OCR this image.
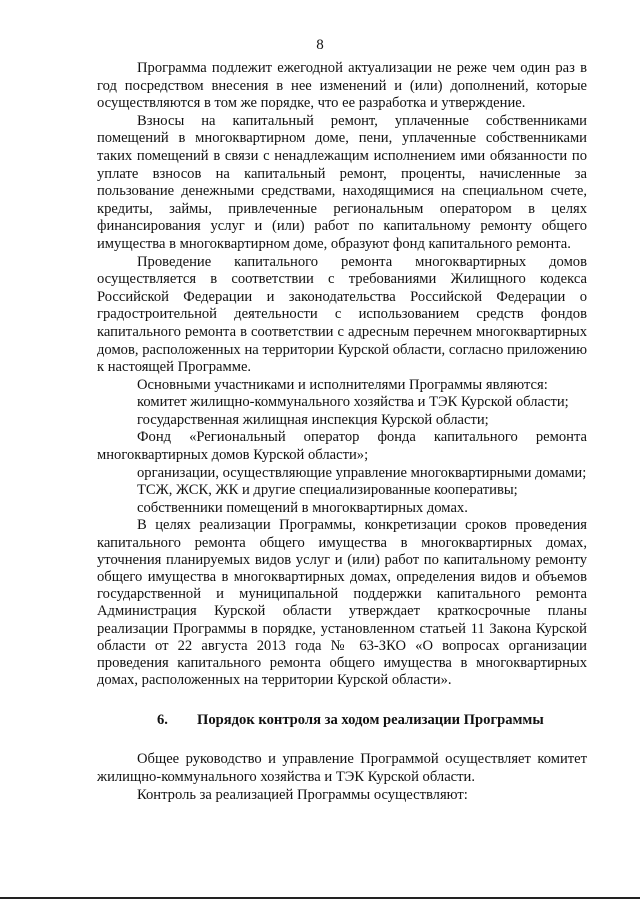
8

Программа подлежит ежегодной актуализации не реже чем один раз в год посредством внесения в нее изменений и (или) дополнений, которые осуществляются в том же порядке, что ее разработка и утверждение.

Взносы на капитальный ремонт, уплаченные собственниками помещений в многоквартирном доме, пени, уплаченные собственниками таких помещений в связи с ненадлежащим исполнением ими обязанности по уплате взносов на капитальный ремонт, проценты, начисленные за пользование денежными средствами, находящимися на специальном счете, кредиты, займы, привлеченные региональным оператором в целях финансирования услуг и (или) работ по капитальному ремонту общего имущества в многоквартирном доме, образуют фонд капитального ремонта.

Проведение капитального ремонта многоквартирных домов осуществляется в соответствии с требованиями Жилищного кодекса Российской Федерации и законодательства Российской Федерации о градостроительной деятельности с использованием средств фондов капитального ремонта в соответствии с адресным перечнем многоквартирных домов, расположенных на территории Курской области, согласно приложению к настоящей Программе.

Основными участниками и исполнителями Программы являются:

комитет жилищно-коммунального хозяйства и ТЭК Курской области;

государственная жилищная инспекция Курской области;

Фонд «Региональный оператор фонда капитального ремонта многоквартирных домов Курской области»;

организации, осуществляющие управление многоквартирными домами;

ТСЖ, ЖСК, ЖК и другие специализированные кооперативы;

собственники помещений в многоквартирных домах.

В целях реализации Программы, конкретизации сроков проведения капитального ремонта общего имущества в многоквартирных домах, уточнения планируемых видов услуг и (или) работ по капитальному ремонту общего имущества в многоквартирных домах, определения видов и объемов государственной и муниципальной поддержки капитального ремонта Администрация Курской области утверждает краткосрочные планы реализации Программы в порядке, установленном статьей 11 Закона Курской области от 22 августа 2013 года № 63-ЗКО «О вопросах организации проведения капитального ремонта общего имущества в многоквартирных домах, расположенных на территории Курской области».

6. Порядок контроля за ходом реализации Программы

Общее руководство и управление Программой осуществляет комитет жилищно-коммунального хозяйства и ТЭК Курской области.

Контроль за реализацией Программы осуществляют:
